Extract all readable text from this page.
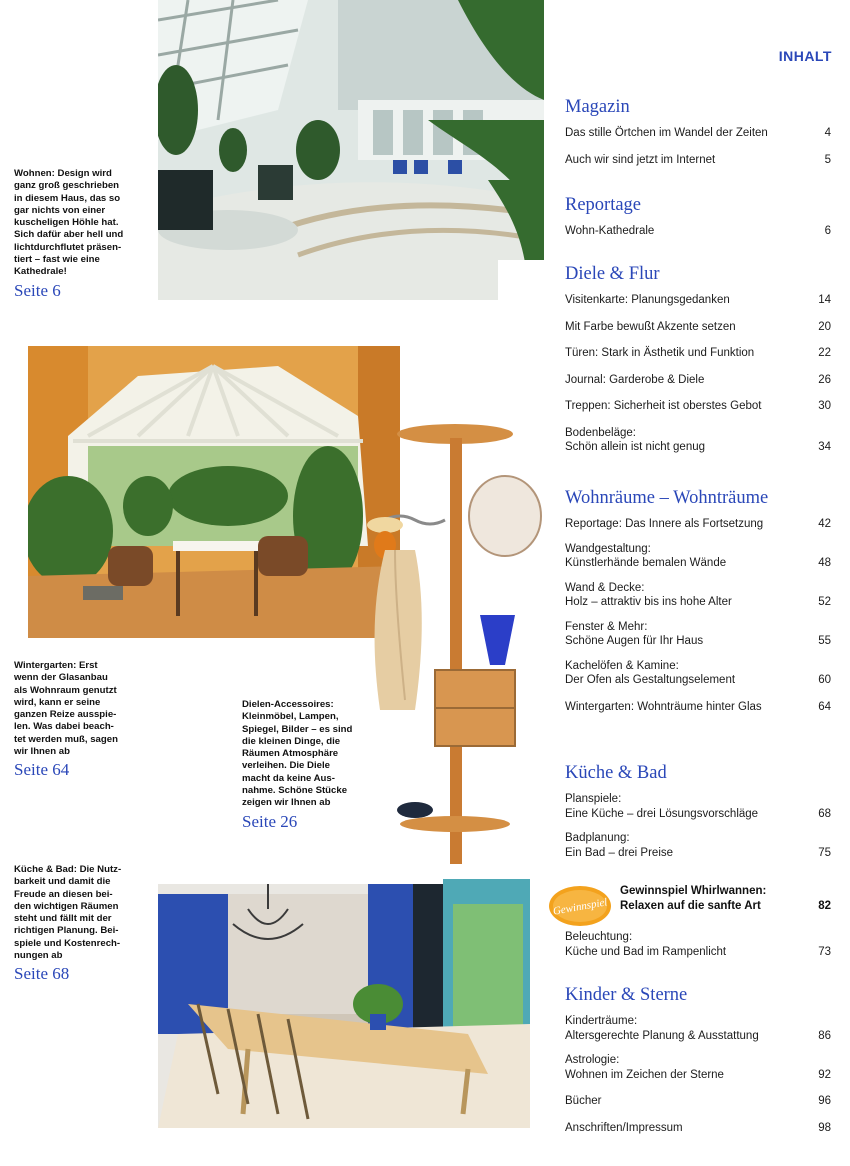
Wohnen: Design wird
ganz groß geschrieben
in diesem Haus, das so
gar nichts von einer
kuscheligen Höhle hat.
Sich dafür aber hell und
lichtdurchflutet präsen-
tiert – fast wie eine
Kathedrale!
Seite 6
Wintergarten: Erst
wenn der Glasanbau
als Wohnraum genutzt
wird, kann er seine
ganzen Reize ausspie-
len. Was dabei beach-
tet werden muß, sagen
wir Ihnen ab
Seite 64
Dielen-Accessoires:
Kleinmöbel, Lampen,
Spiegel, Bilder – es sind
die kleinen Dinge, die
Räumen Atmosphäre
verleihen. Die Diele
macht da keine Aus-
nahme. Schöne Stücke
zeigen wir Ihnen ab
Seite 26
Küche & Bad: Die Nutz-
barkeit und damit die
Freude an diesen bei-
den wichtigen Räumen
steht und fällt mit der
richtigen Planung. Bei-
spiele und Kostenrech-
nungen ab
Seite 68
INHALT
Magazin
Das stille Örtchen im Wandel der Zeiten	4
Auch wir sind jetzt im Internet	5
Reportage
Wohn-Kathedrale	6
Diele & Flur
Visitenkarte: Planungsgedanken	14
Mit Farbe bewußt Akzente setzen	20
Türen: Stark in Ästhetik und Funktion	22
Journal: Garderobe & Diele	26
Treppen: Sicherheit ist oberstes Gebot	30
Bodenbeläge:
Schön allein ist nicht genug	34
Wohnräume – Wohnträume
Reportage: Das Innere als Fortsetzung	42
Wandgestaltung:
Künstlerhände bemalen Wände	48
Wand & Decke:
Holz – attraktiv bis ins hohe Alter	52
Fenster & Mehr:
Schöne Augen für Ihr Haus	55
Kachelöfen & Kamine:
Der Ofen als Gestaltungselement	60
Wintergarten: Wohnträume hinter Glas	64
Küche & Bad
Planspiele:
Eine Küche – drei Lösungsvorschläge	68
Badplanung:
Ein Bad – drei Preise	75
Gewinnspiel
Gewinnspiel Whirlwannen:
Relaxen auf die sanfte Art	82
Beleuchtung:
Küche und Bad im Rampenlicht	73
Kinder & Sterne
Kinderträume:
Altersgerechte Planung & Ausstattung	86
Astrologie:
Wohnen im Zeichen der Sterne	92
Bücher	96
Anschriften/Impressum	98
